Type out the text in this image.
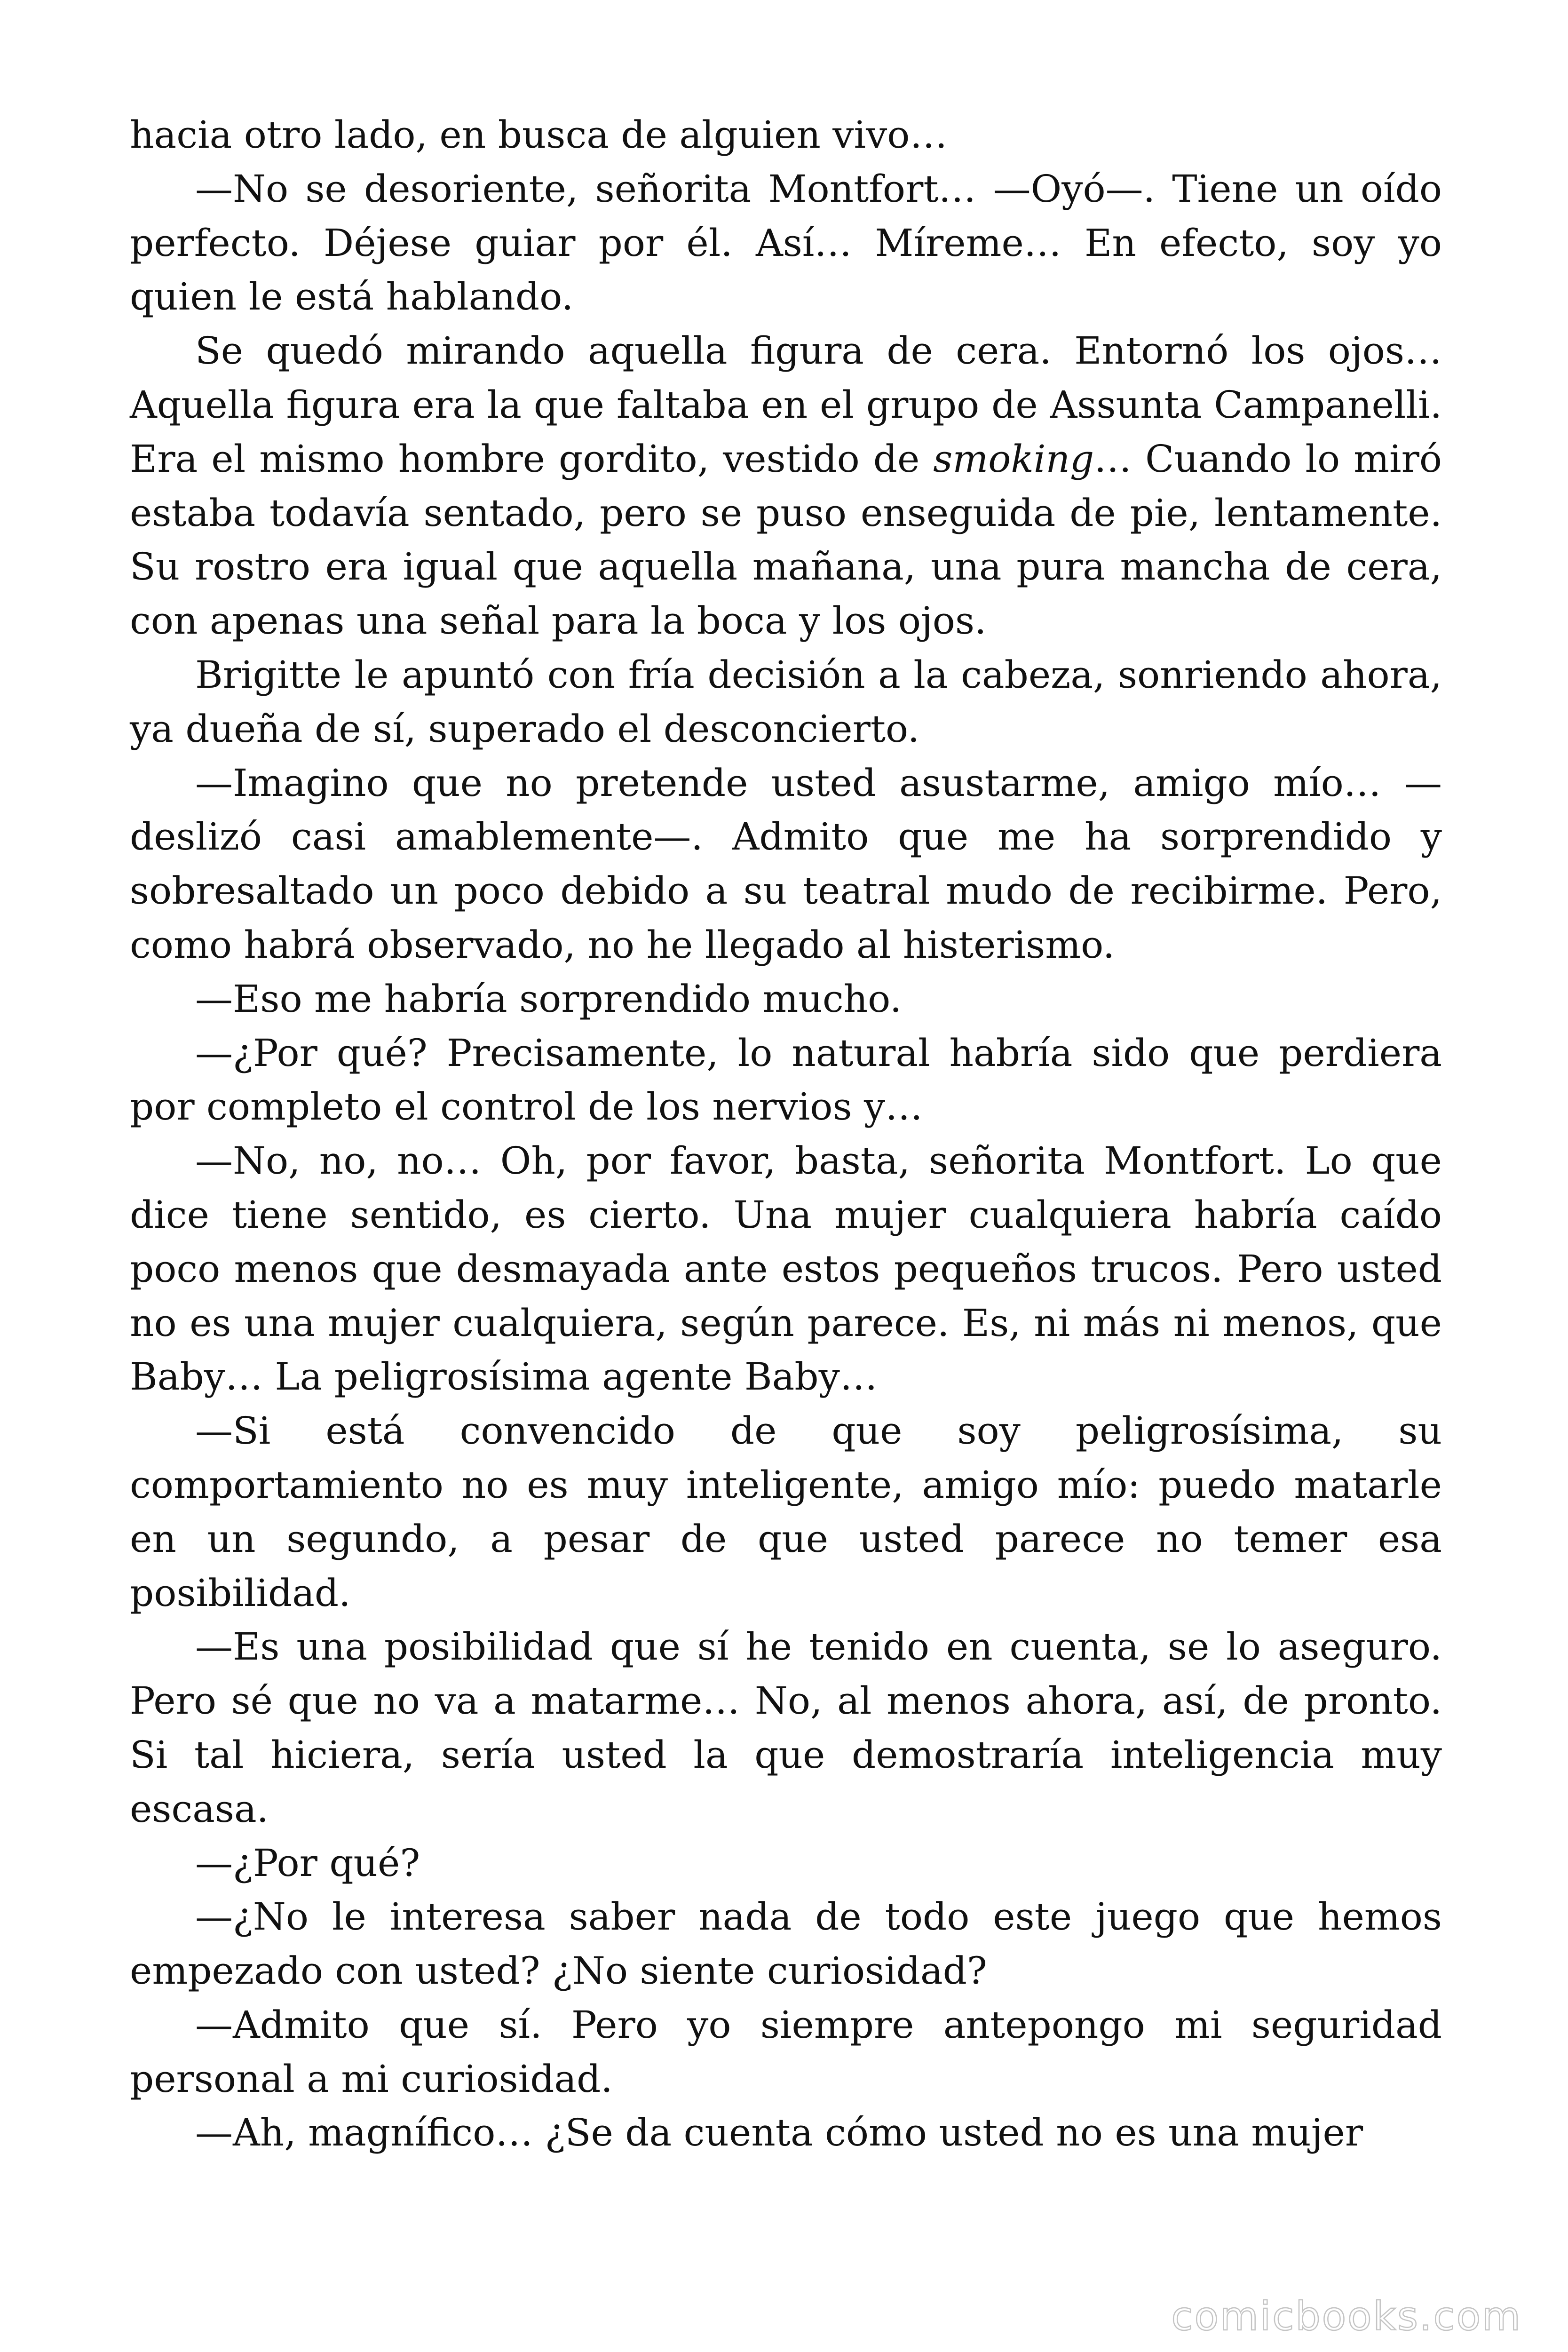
hacia otro lado, en busca de alguien vivo…

—No se desoriente, señorita Montfort… —Oyó—. Tiene un oído perfecto. Déjese guiar por él. Así… Míreme… En efecto, soy yo quien le está hablando.

Se quedó mirando aquella figura de cera. Entornó los ojos… Aquella figura era la que faltaba en el grupo de Assunta Campanelli. Era el mismo hombre gordito, vestido de smoking… Cuando lo miró estaba todavía sentado, pero se puso enseguida de pie, lentamente. Su rostro era igual que aquella mañana, una pura mancha de cera, con apenas una señal para la boca y los ojos.

Brigitte le apuntó con fría decisión a la cabeza, sonriendo ahora, ya dueña de sí, superado el desconcierto.

—Imagino que no pretende usted asustarme, amigo mío… —deslizó casi amablemente—. Admito que me ha sorprendido y sobresaltado un poco debido a su teatral mudo de recibirme. Pero, como habrá observado, no he llegado al histerismo.

—Eso me habría sorprendido mucho.

—¿Por qué? Precisamente, lo natural habría sido que perdiera por completo el control de los nervios y…

—No, no, no… Oh, por favor, basta, señorita Montfort. Lo que dice tiene sentido, es cierto. Una mujer cualquiera habría caído poco menos que desmayada ante estos pequeños trucos. Pero usted no es una mujer cualquiera, según parece. Es, ni más ni menos, que Baby… La peligrosísima agente Baby…

—Si está convencido de que soy peligrosísima, su comportamiento no es muy inteligente, amigo mío: puedo matarle en un segundo, a pesar de que usted parece no temer esa posibilidad.

—Es una posibilidad que sí he tenido en cuenta, se lo aseguro. Pero sé que no va a matarme… No, al menos ahora, así, de pronto. Si tal hiciera, sería usted la que demostraría inteligencia muy escasa.

—¿Por qué?

—¿No le interesa saber nada de todo este juego que hemos empezado con usted? ¿No siente curiosidad?

—Admito que sí. Pero yo siempre antepongo mi seguridad personal a mi curiosidad.

—Ah, magnífico… ¿Se da cuenta cómo usted no es una mujer

comicbooks.com
